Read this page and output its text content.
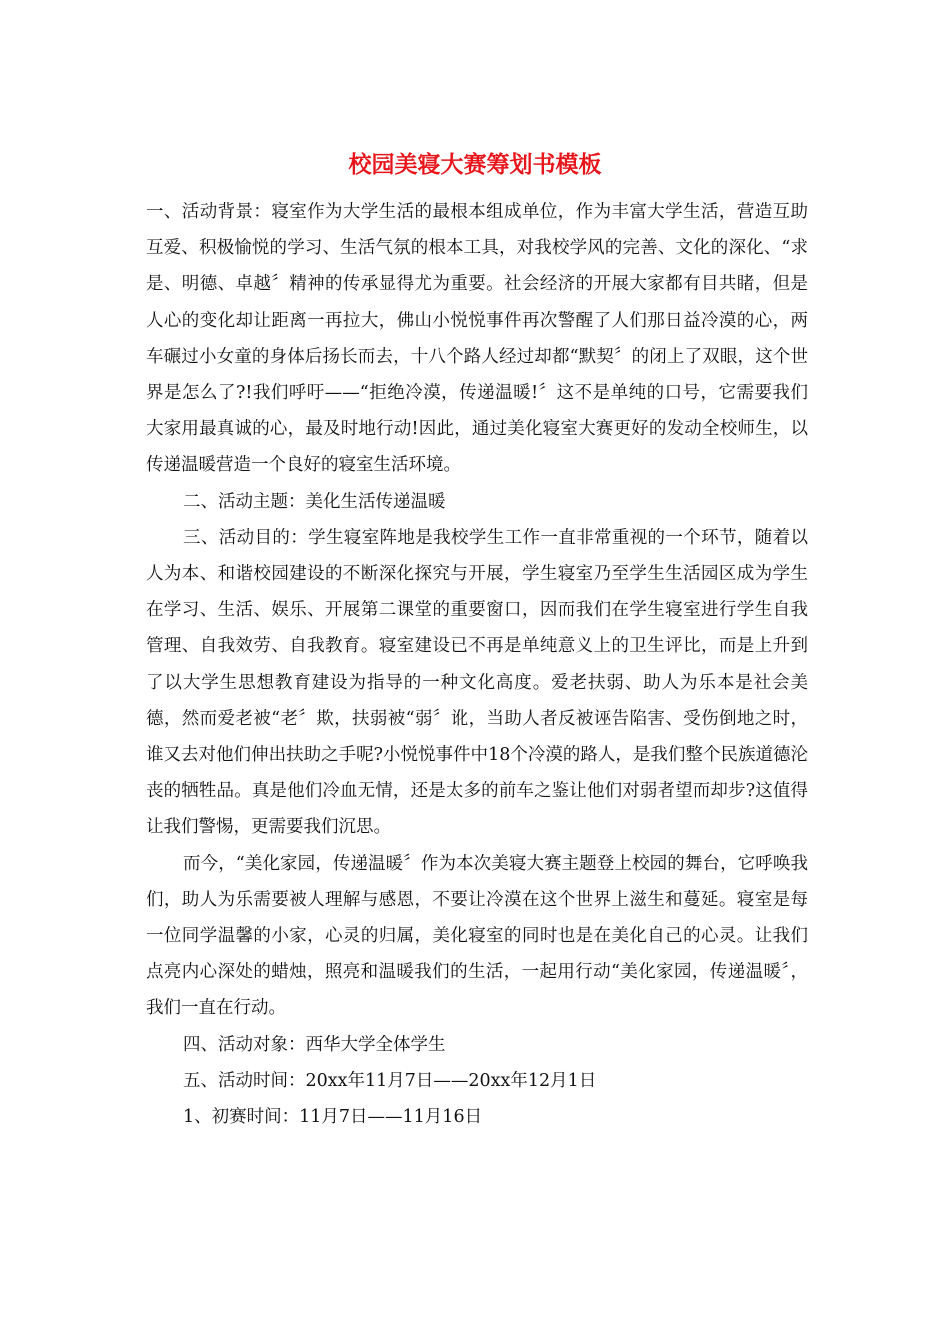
校园美寝大赛筹划书模板

一、活动背景：寝室作为大学生活的最根本组成单位，作为丰富大学生活，营造互助互爱、积极愉悦的学习、生活气氛的根本工具，对我校学风的完善、文化的深化、“求是、明德、卓越〞精神的传承显得尤为重要。社会经济的开展大家都有目共睹，但是人心的变化却让距离一再拉大，佛山小悦悦事件再次警醒了人们那日益冷漠的心，两车碾过小女童的身体后扬长而去，十八个路人经过却都“默契〞的闭上了双眼，这个世界是怎么了?!我们呼吁——“拒绝冷漠，传递温暖!〞这不是单纯的口号，它需要我们大家用最真诚的心，最及时地行动!因此，通过美化寝室大赛更好的发动全校师生，以传递温暖营造一个良好的寝室生活环境。

二、活动主题：美化生活传递温暖

三、活动目的：学生寝室阵地是我校学生工作一直非常重视的一个环节，随着以人为本、和谐校园建设的不断深化探究与开展，学生寝室乃至学生生活园区成为学生在学习、生活、娱乐、开展第二课堂的重要窗口，因而我们在学生寝室进行学生自我管理、自我效劳、自我教育。寝室建设已不再是单纯意义上的卫生评比，而是上升到了以大学生思想教育建设为指导的一种文化高度。爱老扶弱、助人为乐本是社会美德，然而爱老被“老〞欺，扶弱被“弱〞讹，当助人者反被诬告陷害、受伤倒地之时，谁又去对他们伸出扶助之手呢?小悦悦事件中18个冷漠的路人，是我们整个民族道德沦丧的牺牲品。真是他们冷血无情，还是太多的前车之鉴让他们对弱者望而却步?这值得让我们警惕，更需要我们沉思。

而今，“美化家园，传递温暖〞作为本次美寝大赛主题登上校园的舞台，它呼唤我们，助人为乐需要被人理解与感恩，不要让冷漠在这个世界上滋生和蔓延。寝室是每一位同学温馨的小家，心灵的归属，美化寝室的同时也是在美化自己的心灵。让我们点亮内心深处的蜡烛，照亮和温暖我们的生活，一起用行动“美化家园，传递温暖〞，我们一直在行动。

四、活动对象：西华大学全体学生

五、活动时间：20xx年11月7日——20xx年12月1日

1、初赛时间：11月7日——11月16日
